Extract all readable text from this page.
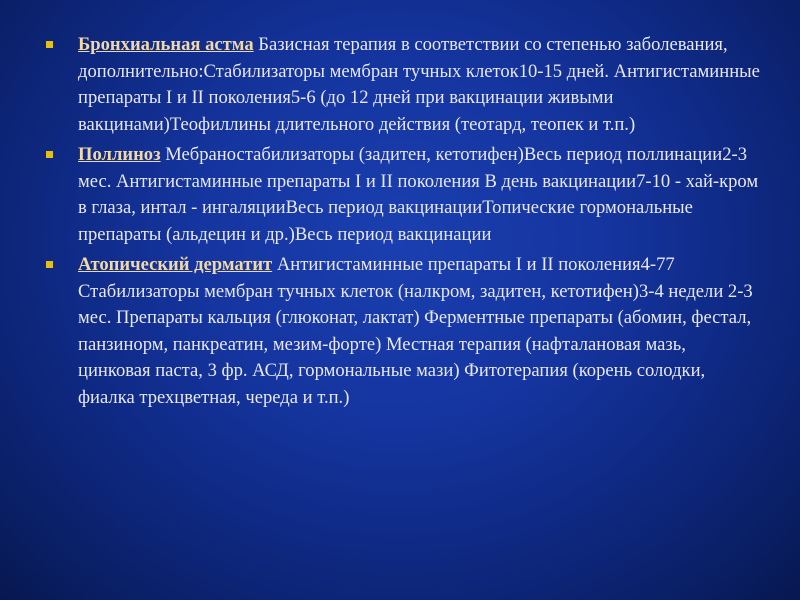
Бронхиальная астма Базисная терапия в соответствии со степенью заболевания, дополнительно:Стабилизаторы мембран тучных клеток10-15 дней. Антигистаминные препараты I и II поколения5-6 (до 12 дней при вакцинации живыми вакцинами)Теофиллины длительного действия (теотард, теопек и т.п.)
Поллиноз Мебраностабилизаторы (задитен, кетотифен)Весь период поллинации2-3 мес. Антигистаминные препараты I и II поколения В день вакцинации7-10 - хай-кром в глаза, интал - ингаляцииВесь период вакцинацииТопические гормональные препараты (альдецин и др.)Весь период вакцинации
Атопический дерматит Антигистаминные препараты I и II поколения4-77 Стабилизаторы мембран тучных клеток (налкром, задитен, кетотифен)3-4 недели 2-3 мес. Препараты кальция (глюконат, лактат) Ферментные препараты (абомин, фестал, панзинорм, панкреатин, мезим-форте) Местная терапия (нафталановая мазь, цинковая паста, 3 фр. АСД, гормональные мази) Фитотерапия (корень солодки, фиалка трехцветная, череда и т.п.)
